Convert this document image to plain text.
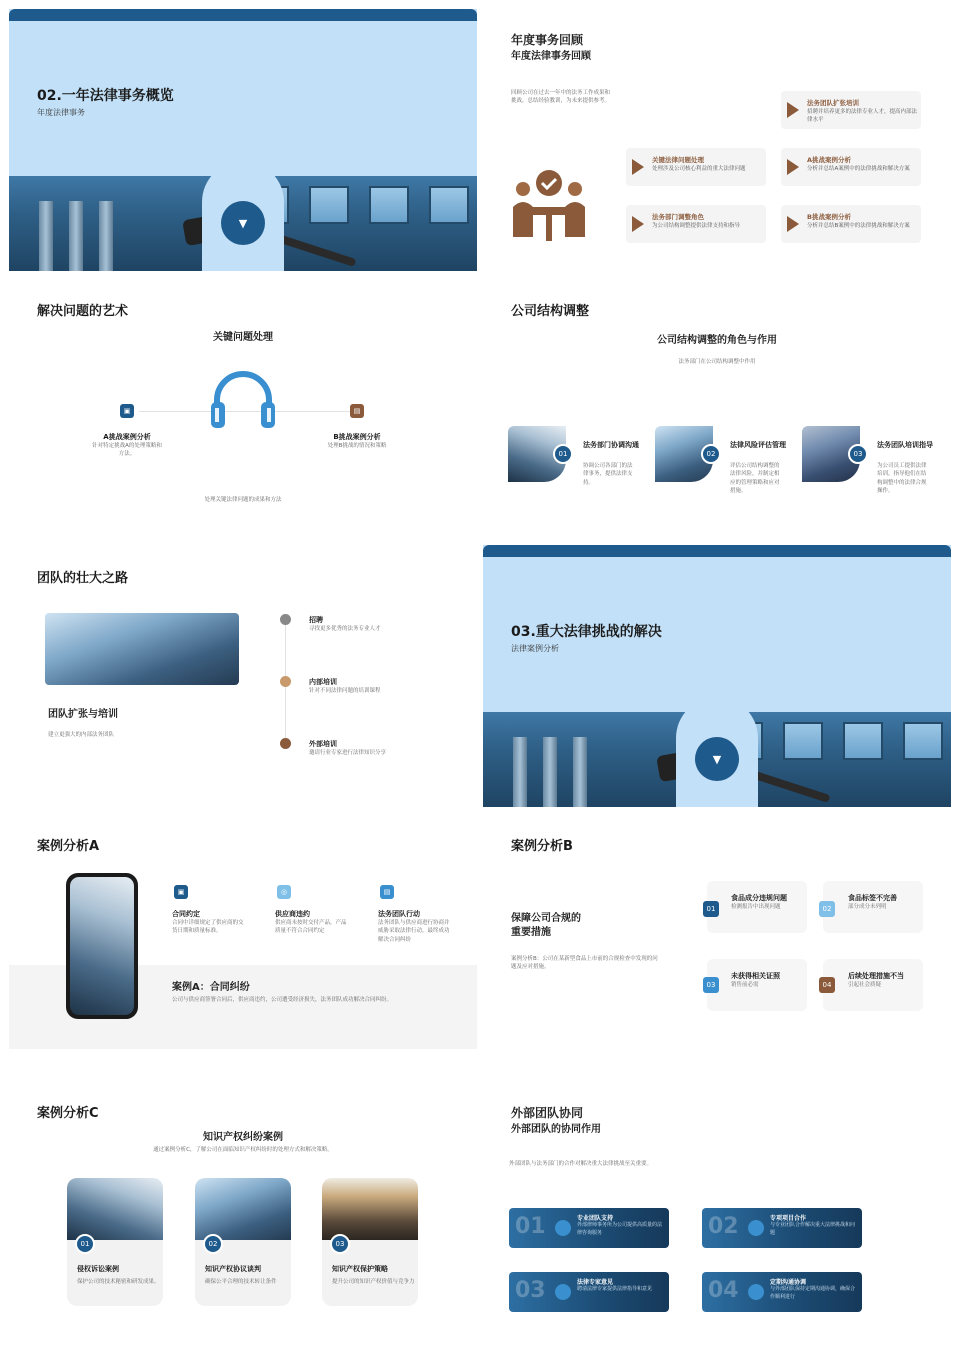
02.一年法律事务概览
年度法律事务
▼
年度事务回顾
年度法律事务回顾
回顾公司在过去一年中的法务工作成果和挑战，总结经验教训，为未来提供参考。	法务团队扩张培训
招聘并培养更多的法律专业人才，提高内部法律水平
关键法律问题处理
处理涉及公司核心利益的重大法律问题
A挑战案例分析
分析并总结A案例中的法律挑战和解决方案
法务部门调整角色
为公司结构调整提供法律支持和指导
B挑战案例分析
分析并总结B案例中的法律挑战和解决方案
解决问题的艺术
关键问题处理
▣
A挑战案例分析
针对特定挑战A的处理策略和方法。
▤
B挑战案例分析
处理B挑战的情况和策略
处理关键法律问题的成果和方法
公司结构调整
公司结构调整的角色与作用
法务部门在公司结构调整中作用
01
法务部门协调沟通
协调公司各部门的法律事务，提供法律支持。
02
法律风险评估管理
评估公司结构调整的法律风险，并制定相应的管理策略和应对措施。
03
法务团队培训指导
为公司员工提供法律培训，指导他们在结构调整中的法律合规操作。
团队的壮大之路
团队扩张与培训
建立更强大的内部法务团队
招聘
寻找更多优秀的法务专业人才
内部培训
针对不同法律问题的培训课程
外部培训
邀请行业专家进行法律知识分享
03.重大法律挑战的解决
法律案例分析
▼
案例分析A
▣
合同约定
合同中详细规定了供应商的交货日期和质量标准。
◎
供应商违约
供应商未按时交付产品，产品质量不符合合同约定
▤
法务团队行动
法务团队与供应商进行协商并威胁采取法律行动，最终成功解决合同纠纷
案例A：合同纠纷
公司与供应商签署合同后，供应商违约，公司遭受经济损失，法务团队成功解决合同纠纷。
案例分析B
保障公司合规的
重要措施
案例分析B：公司在某新型食品上市前的合规检查中发现的问题及应对措施。
01
食品成分违规问题
检测报告中出现问题	02
食品标签不完善
部分成分未列明
03
未获得相关证照
销售前必需	04
后续处理措施不当
引起社会质疑
案例分析C
知识产权纠纷案例
通过案例分析C，了解公司在面临知识产权纠纷时的处理方式和解决策略。
01
侵权诉讼案例
保护公司的技术秘密和研发成果。
02
知识产权协议谈判
确保公平合理的技术转让条件
03
知识产权保护策略
提升公司的知识产权价值与竞争力
外部团队协同
外部团队的协同作用
外部团队与法务部门的合作对解决重大法律挑战至关重要。
01	专业团队支持
外部律师事务所为公司提供高质量的法律咨询服务	02	专项项目合作
与专业团队合作解决重大法律挑战和问题
03	法律专家意见
聘请法律专家提供法律指导和意见	04	定期沟通协调
与外部团队保持定期沟通协调，确保合作顺利进行
